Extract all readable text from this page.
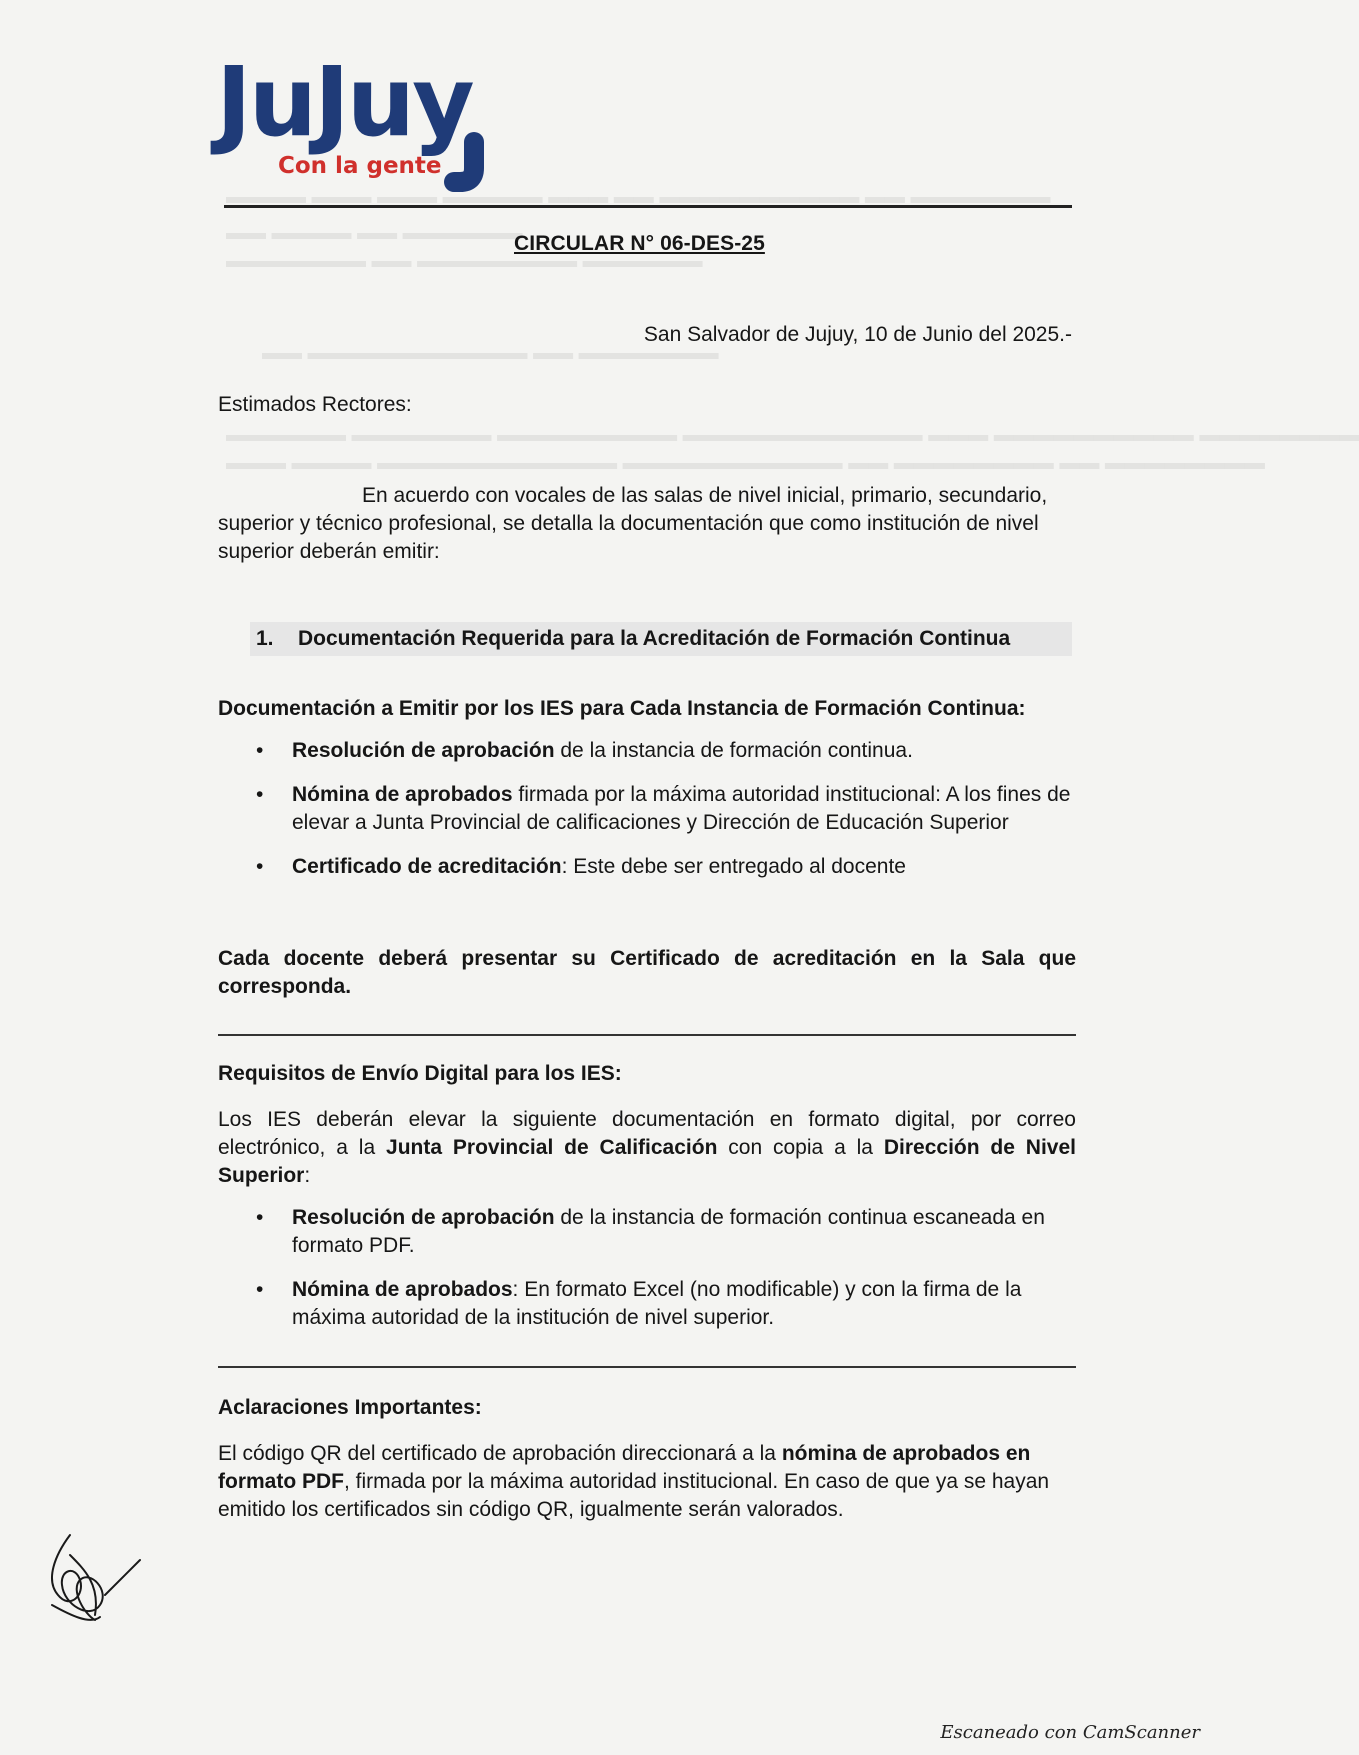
▬▬▬▬ ▬▬▬ ▬▬▬ ▬▬▬▬▬ ▬▬▬ ▬▬ ▬▬▬▬▬▬▬▬▬▬ ▬▬ ▬▬▬▬▬▬▬
▬▬ ▬▬▬▬ ▬▬ ▬▬▬▬▬▬
▬▬▬▬▬▬▬ ▬▬ ▬▬▬▬▬▬▬▬ ▬▬▬▬▬▬
▬▬ ▬▬▬▬▬▬▬▬▬▬▬ ▬▬ ▬▬▬▬▬▬▬
▬▬▬▬▬▬ ▬▬▬▬▬▬▬ ▬▬▬▬▬▬▬▬▬ ▬▬▬▬▬▬▬▬▬▬▬▬ ▬▬▬ ▬▬▬▬▬▬▬▬▬▬ ▬▬▬▬▬▬▬▬
▬▬▬ ▬▬▬▬ ▬▬▬▬▬▬▬▬▬▬▬▬ ▬▬▬▬▬▬▬▬▬▬▬ ▬▬ ▬▬▬▬▬▬▬▬ ▬▬ ▬▬▬▬▬▬▬▬
JuJuy
Con la gente
CIRCULAR N° 06-DES-25
San Salvador de Jujuy, 10 de Junio del 2025.-
Estimados Rectores:
En acuerdo con vocales de las salas de nivel inicial, primario, secundario, superior y técnico profesional, se detalla la documentación que como institución de nivel superior deberán emitir:
1.	Documentación Requerida para la Acreditación de Formación Continua
Documentación a Emitir por los IES para Cada Instancia de Formación Continua:
• Resolución de aprobación de la instancia de formación continua.
• Nómina de aprobados firmada por la máxima autoridad institucional: A los fines de elevar a Junta Provincial de calificaciones y Dirección de Educación Superior
• Certificado de acreditación: Este debe ser entregado al docente
Cada docente deberá presentar su Certificado de acreditación en la Sala que corresponda.
Requisitos de Envío Digital para los IES:
Los IES deberán elevar la siguiente documentación en formato digital, por correo electrónico, a la Junta Provincial de Calificación con copia a la Dirección de Nivel Superior:
• Resolución de aprobación de la instancia de formación continua escaneada en formato PDF.
• Nómina de aprobados: En formato Excel (no modificable) y con la firma de la máxima autoridad de la institución de nivel superior.
Aclaraciones Importantes:
El código QR del certificado de aprobación direccionará a la nómina de aprobados en formato PDF, firmada por la máxima autoridad institucional. En caso de que ya se hayan emitido los certificados sin código QR, igualmente serán valorados.
Escaneado con CamScanner
